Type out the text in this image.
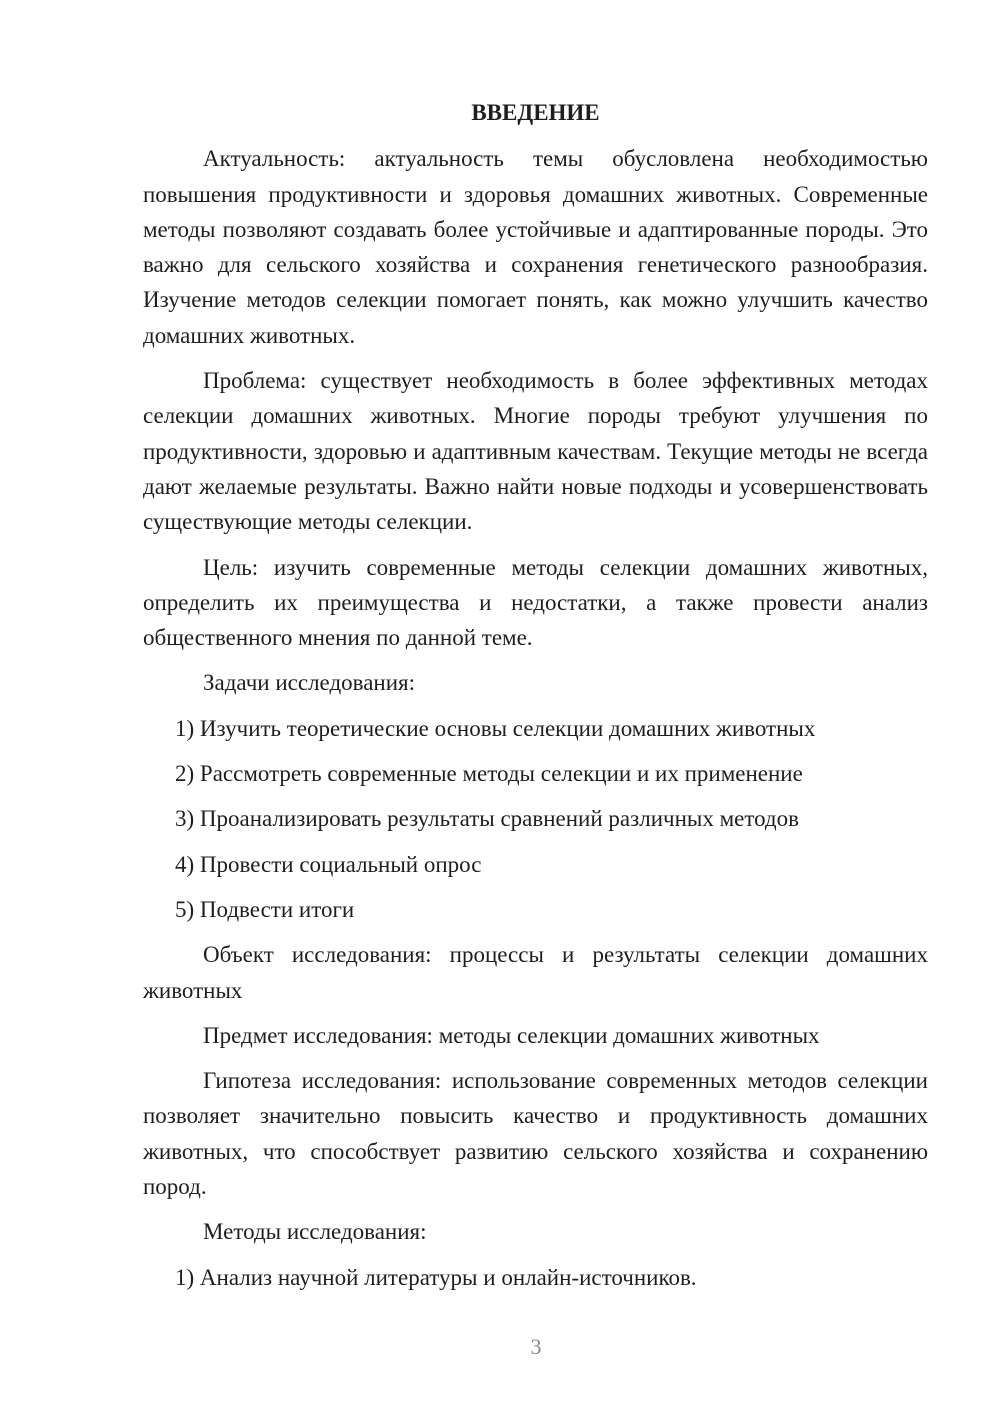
ВВЕДЕНИЕ

Актуальность: актуальность темы обусловлена необходимостью повышения продуктивности и здоровья домашних животных. Современные методы позволяют создавать более устойчивые и адаптированные породы. Это важно для сельского хозяйства и сохранения генетического разнообразия. Изучение методов селекции помогает понять, как можно улучшить качество домашних животных.

Проблема: существует необходимость в более эффективных методах селекции домашних животных. Многие породы требуют улучшения по продуктивности, здоровью и адаптивным качествам. Текущие методы не всегда дают желаемые результаты. Важно найти новые подходы и усовершенствовать существующие методы селекции.

Цель: изучить современные методы селекции домашних животных, определить их преимущества и недостатки, а также провести анализ общественного мнения по данной теме.

Задачи исследования:
1) Изучить теоретические основы селекции домашних животных
2) Рассмотреть современные методы селекции и их применение
3) Проанализировать результаты сравнений различных методов
4) Провести социальный опрос
5) Подвести итоги

Объект исследования: процессы и результаты селекции домашних животных

Предмет исследования: методы селекции домашних животных

Гипотеза исследования: использование современных методов селекции позволяет значительно повысить качество и продуктивность домашних животных, что способствует развитию сельского хозяйства и сохранению пород.

Методы исследования:
1) Анализ научной литературы и онлайн-источников.
3
